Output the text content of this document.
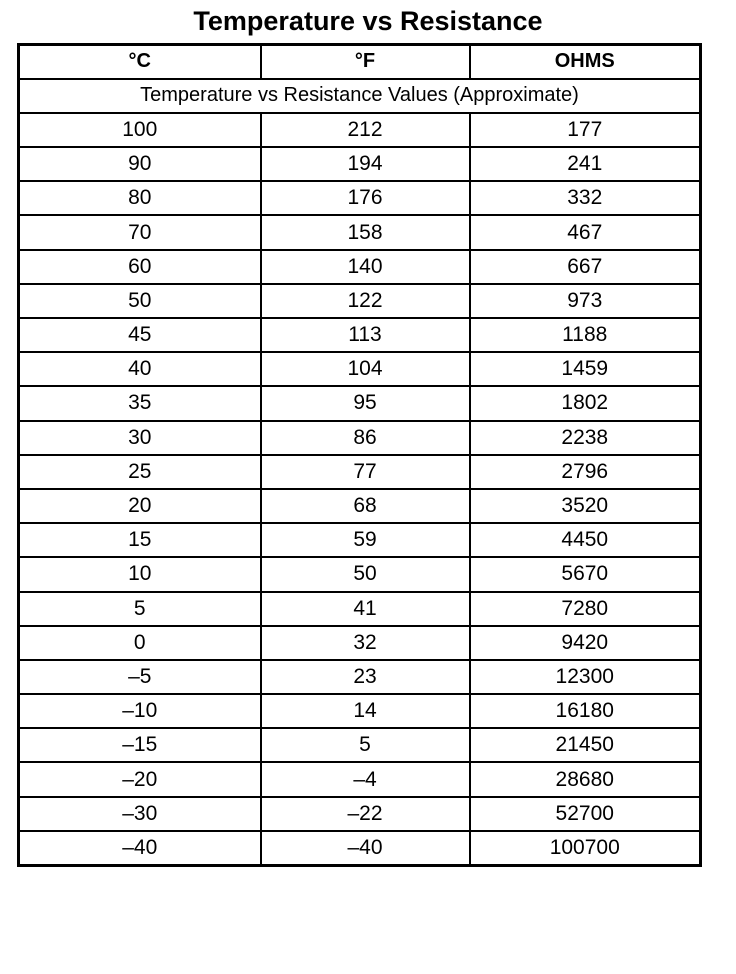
Temperature vs Resistance
°C	°F	OHMS
Temperature vs Resistance Values (Approximate)		
100	212	177
90	194	241
80	176	332
70	158	467
60	140	667
50	122	973
45	113	1188
40	104	1459
35	95	1802
30	86	2238
25	77	2796
20	68	3520
15	59	4450
10	50	5670
5	41	7280
0	32	9420
–5	23	12300
–10	14	16180
–15	5	21450
–20	–4	28680
–30	–22	52700
–40	–40	100700
